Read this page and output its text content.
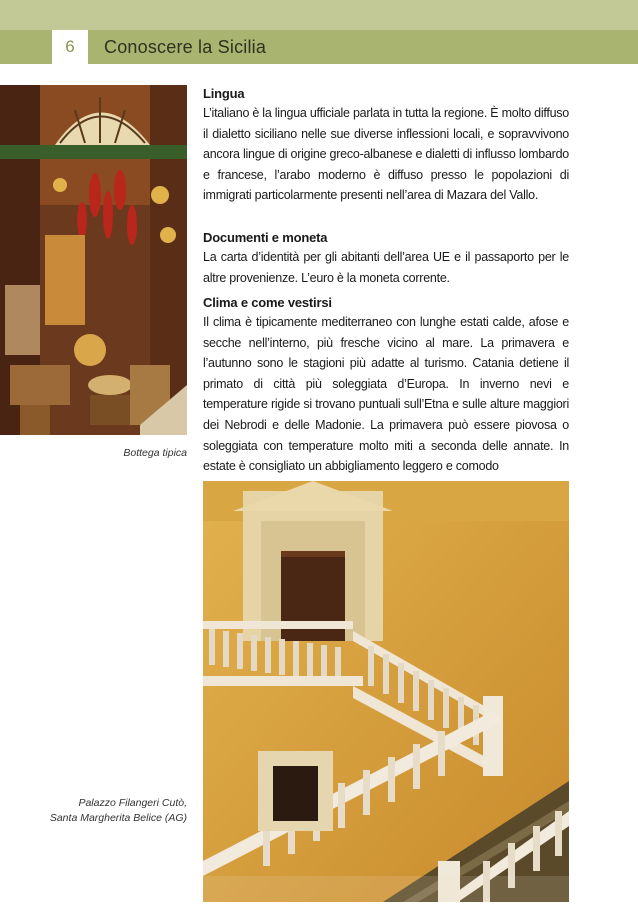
6	Conoscere la Sicilia
Bottega tipica
Lingua
L’italiano è la lingua ufficiale parlata in tutta la regione. È molto diffuso il dialetto siciliano nelle sue diverse inflessioni locali, e sopravvivono ancora lingue di origine greco-albanese e dialetti di influsso lombardo e francese, l’arabo moderno è diffuso presso le popolazioni di immigrati particolarmente presenti nell’area di Mazara del Vallo.
Documenti e moneta
La carta d’identità per gli abitanti dell’area UE e il passaporto per le altre provenienze. L’euro è la moneta corrente.
Clima e come vestirsi
Il clima è tipicamente mediterraneo con lunghe estati calde, afose e secche nell’interno, più fresche vicino al mare. La primavera e l’autunno sono le stagioni più adatte al turismo. Catania detiene il primato di città più soleggiata d’Europa. In inverno nevi e temperature rigide si trovano puntuali sull’Etna e sulle alture maggiori dei Nebrodi e delle Madonie. La primavera può essere piovosa o soleggiata con temperature molto miti a seconda delle annate. In estate è consigliato un abbigliamento leggero e comodo
Palazzo Filangeri Cutò,
Santa Margherita Belice (AG)
